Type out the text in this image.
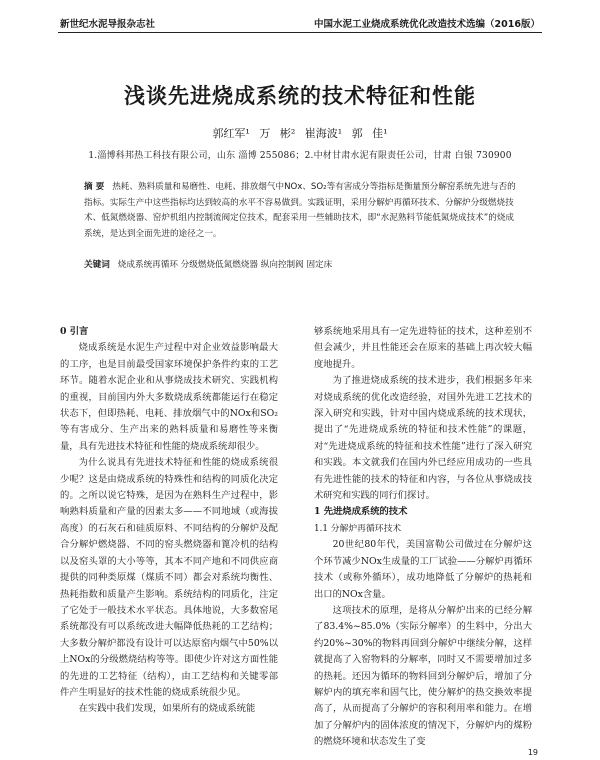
新世纪水泥导报杂志社	中国水泥工业烧成系统优化改造技术选编（2016版）
浅谈先进烧成系统的技术特征和性能
郭红军¹ 万 彬² 崔海波¹ 郭 佳¹
1.淄博科邦热工科技有限公司，山东 淄博 255086；2.中材甘肃水泥有限责任公司，甘肃 白银 730900
摘 要 热耗、熟料质量和易磨性、电耗、排放烟气中NOx、SO₂等有害成分等指标是衡量预分解窑系统先进与否的指标。实际生产中这些指标均达到较高的水平不容易做到。实践证明，采用分解炉再循环技术、分解炉分级燃烧技术、低氮燃烧器、窑炉机组内控制流阀定位技术，配套采用一些辅助技术，即“水泥熟料节能低氮烧成技术”的烧成系统，是达到全面先进的途径之一。
关键词 烧成系统再循环 分级燃烧低氮燃烧器 纵向控制阀 固定床

0 引言

烧成系统是水泥生产过程中对企业效益影响最大的工序，也是目前最受国家环境保护条件约束的工艺环节。随着水泥企业和从事烧成技术研究、实践机构的重视，目前国内外大多数烧成系统都能运行在稳定状态下，但即热耗、电耗、排放烟气中的NOx和SO₂等有害成分、生产出来的熟料质量和易磨性等来衡量，具有先进技术特征和性能的烧成系统却很少。

为什么说具有先进技术特征和性能的烧成系统很少呢？这是由烧成系统的特殊性和结构的同质化决定的。之所以说它特殊，是因为在熟料生产过程中，影响熟料质量和产量的因素太多——不同地域（或海拔高度）的石灰石和硅质原料、不同结构的分解炉及配合分解炉燃烧器、不同的窑头燃烧器和篦冷机的结构以及窑头罩的大小等等，其本不同产地和不同供应商提供的同种类原煤（煤质不同）都会对系统均衡性、热耗指数和质量产生影响。系统结构的同质化，注定了它处于一般技术水平状态。具体地说，大多数窑尾系统都没有可以系统改进大幅降低热耗的工艺结构；大多数分解炉都没有设计可以达原窑内烟气中50%以上NOx的分级燃烧结构等等。即使少许对这方面性能的先进的工艺特征（结构），由工艺结构和关键零部件产生明显好的技术性能的烧成系统很少见。

在实践中我们发现，如果所有的烧成系统能

够系统地采用具有一定先进特征的技术，这种差别不但会减少，并且性能还会在原来的基础上再次较大幅度地提升。

为了推进烧成系统的技术进步，我们根据多年来对烧成系统的优化改造经验，对国外先进工艺技术的深入研究和实践，针对中国内烧成系统的技术现状，提出了“先进烧成系统的特征和技术性能”的课题，对“先进烧成系统的特征和技术性能”进行了深入研究和实践。本文就我们在国内外已经应用成功的一些具有先进性能的技术的特征和内容，与各位从事烧成技术研究和实践的同行们探讨。

1 先进烧成系统的技术

1.1 分解炉再循环技术

20世纪80年代，美国富勒公司做过在分解炉这个环节减少NOx生成量的工厂试验——分解炉再循环技术（或称外循环），成功地降低了分解炉的热耗和出口的NOx含量。

这项技术的原理，是将从分解炉出来的已经分解了83.4%~85.0%（实际分解率）的生料中，分出大约20%~30%的物料再回到分解炉中继续分解，这样就提高了入窑物料的分解率，同时又不需要增加过多的热耗。还因为循环的物料回到分解炉后，增加了分解炉内的填充率和固气比，使分解炉的热交换效率提高了，从而提高了分解炉的容积利用率和能力。在增加了分解炉内的固体浓度的情况下，分解炉内的煤粉的燃烧环境和状态发生了变

19
